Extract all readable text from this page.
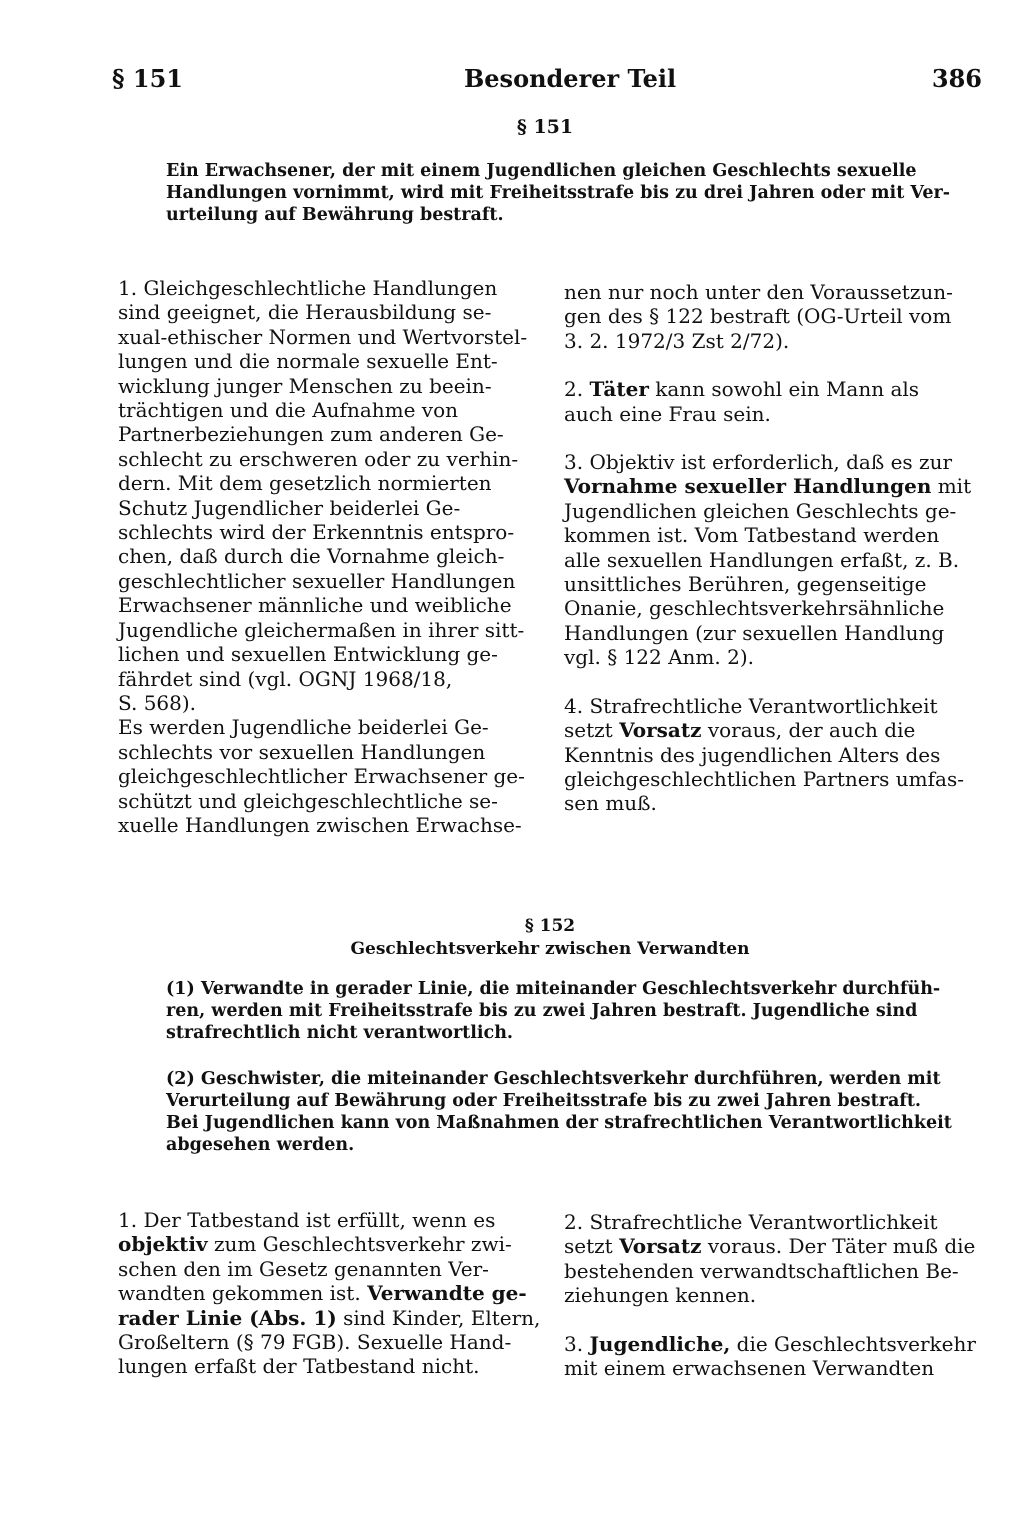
§ 151	Besonderer Teil	386
§ 151
Ein Erwachsener, der mit einem Jugendlichen gleichen Geschlechts sexuelle
Handlungen vornimmt, wird mit Freiheitsstrafe bis zu drei Jahren oder mit Ver-
urteilung auf Bewährung bestraft.
1. Gleichgeschlechtliche Handlungen
sind geeignet, die Herausbildung se-
xual-ethischer Normen und Wertvorstel-
lungen und die normale sexuelle Ent-
wicklung junger Menschen zu beein-
trächtigen und die Aufnahme von
Partnerbeziehungen zum anderen Ge-
schlecht zu erschweren oder zu verhin-
dern. Mit dem gesetzlich normierten
Schutz Jugendlicher beiderlei Ge-
schlechts wird der Erkenntnis entspro-
chen, daß durch die Vornahme gleich-
geschlechtlicher sexueller Handlungen
Erwachsener männliche und weibliche
Jugendliche gleichermaßen in ihrer sitt-
lichen und sexuellen Entwicklung ge-
fährdet sind (vgl. OGNJ 1968/18,
S. 568).
Es werden Jugendliche beiderlei Ge-
schlechts vor sexuellen Handlungen
gleichgeschlechtlicher Erwachsener ge-
schützt und gleichgeschlechtliche se-
xuelle Handlungen zwischen Erwachse-
nen nur noch unter den Voraussetzun-
gen des § 122 bestraft (OG-Urteil vom
3. 2. 1972/3 Zst 2/72).
2. Täter kann sowohl ein Mann als
auch eine Frau sein.
3. Objektiv ist erforderlich, daß es zur
Vornahme sexueller Handlungen mit
Jugendlichen gleichen Geschlechts ge-
kommen ist. Vom Tatbestand werden
alle sexuellen Handlungen erfaßt, z. B.
unsittliches Berühren, gegenseitige
Onanie, geschlechtsverkehrsähnliche
Handlungen (zur sexuellen Handlung
vgl. § 122 Anm. 2).
4. Strafrechtliche Verantwortlichkeit
setzt Vorsatz voraus, der auch die
Kenntnis des jugendlichen Alters des
gleichgeschlechtlichen Partners umfas-
sen muß.
§ 152
Geschlechtsverkehr zwischen Verwandten
(1) Verwandte in gerader Linie, die miteinander Geschlechtsverkehr durchfüh-
ren, werden mit Freiheitsstrafe bis zu zwei Jahren bestraft. Jugendliche sind
strafrechtlich nicht verantwortlich.
(2) Geschwister, die miteinander Geschlechtsverkehr durchführen, werden mit
Verurteilung auf Bewährung oder Freiheitsstrafe bis zu zwei Jahren bestraft.
Bei Jugendlichen kann von Maßnahmen der strafrechtlichen Verantwortlichkeit
abgesehen werden.
1. Der Tatbestand ist erfüllt, wenn es
objektiv zum Geschlechtsverkehr zwi-
schen den im Gesetz genannten Ver-
wandten gekommen ist. Verwandte ge-
rader Linie (Abs. 1) sind Kinder, Eltern,
Großeltern (§ 79 FGB). Sexuelle Hand-
lungen erfaßt der Tatbestand nicht.
2. Strafrechtliche Verantwortlichkeit
setzt Vorsatz voraus. Der Täter muß die
bestehenden verwandtschaftlichen Be-
ziehungen kennen.
3. Jugendliche, die Geschlechtsverkehr
mit einem erwachsenen Verwandten
